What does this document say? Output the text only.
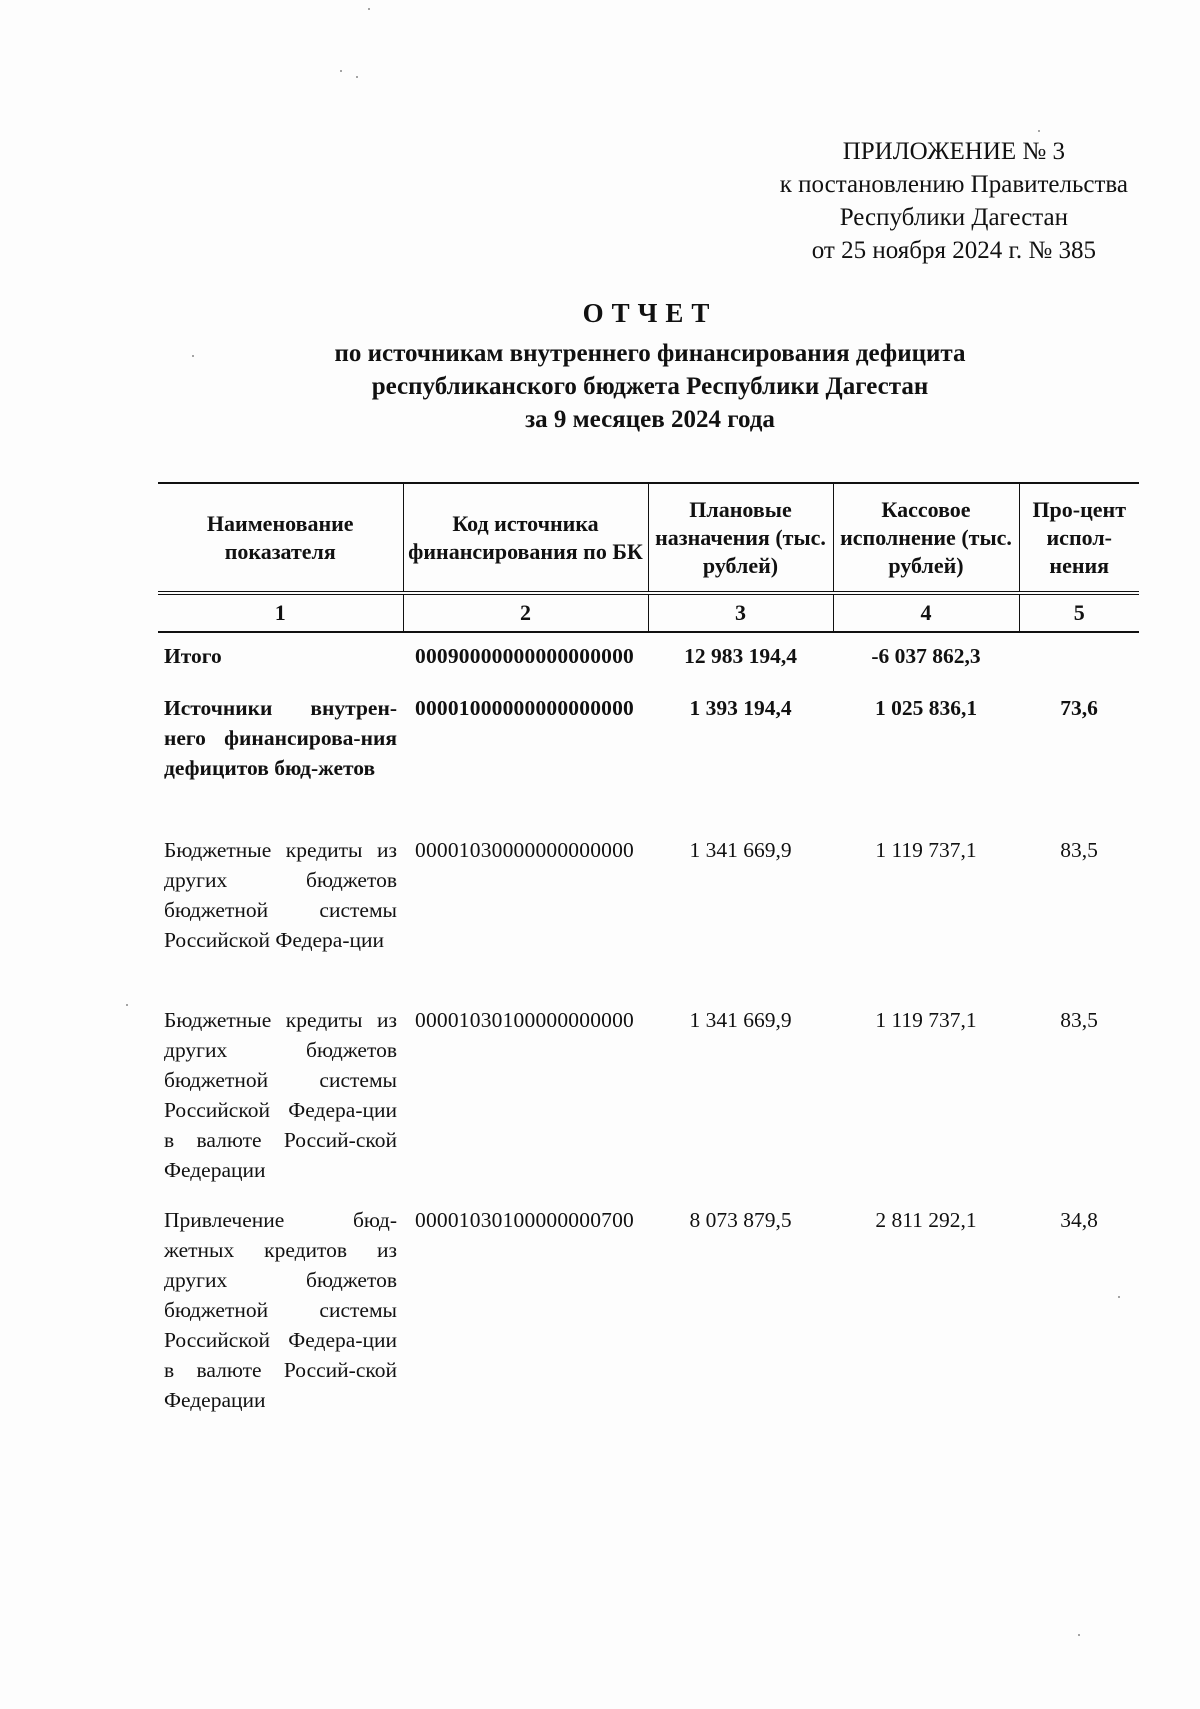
ПРИЛОЖЕНИЕ № 3
к постановлению Правительства
Республики Дагестан
от 25 ноября 2024 г. № 385
ОТЧЕТ
по источникам внутреннего финансирования дефицита
республиканского бюджета Республики Дагестан
за 9 месяцев 2024 года
Наименование показателя	Код источника финансирования по БК	Плановые назначения (тыс. рублей)	Кассовое исполнение (тыс. рублей)	Про-цент испол-нения
1	2	3	4	5
Итого	00090000000000000000	12 983 194,4	-6 037 862,3	
Источники внутрен-него финансирова-ния дефицитов бюд-жетов	00001000000000000000	1 393 194,4	1 025 836,1	73,6
Бюджетные кредиты из других бюджетов бюджетной системы Российской Федера-ции	00001030000000000000	1 341 669,9	1 119 737,1	83,5
Бюджетные кредиты из других бюджетов бюджетной системы Российской Федера-ции в валюте Россий-ской Федерации	00001030100000000000	1 341 669,9	1 119 737,1	83,5
Привлечение бюд-жетных кредитов из других бюджетов бюджетной системы Российской Федера-ции в валюте Россий-ской Федерации	00001030100000000700	8 073 879,5	2 811 292,1	34,8
